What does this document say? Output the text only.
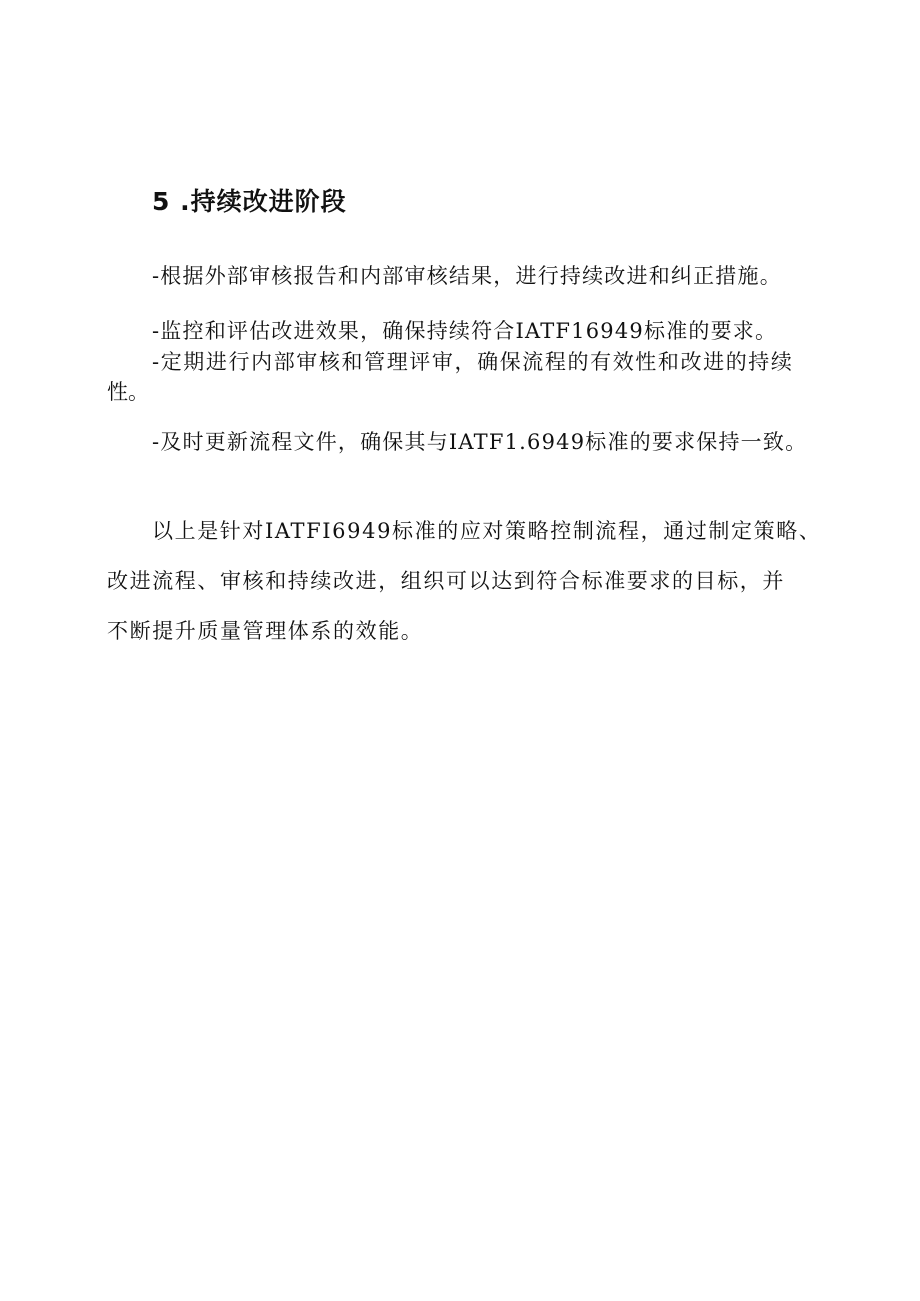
5 .持续改进阶段

-根据外部审核报告和内部审核结果，进行持续改进和纠正措施。

-监控和评估改进效果，确保持续符合IATF16949标准的要求。

-定期进行内部审核和管理评审，确保流程的有效性和改进的持续

性。

-及时更新流程文件，确保其与IATF1.6949标准的要求保持一致。

以上是针对IATFI6949标准的应对策略控制流程，通过制定策略、

改进流程、审核和持续改进，组织可以达到符合标准要求的目标，并

不断提升质量管理体系的效能。
